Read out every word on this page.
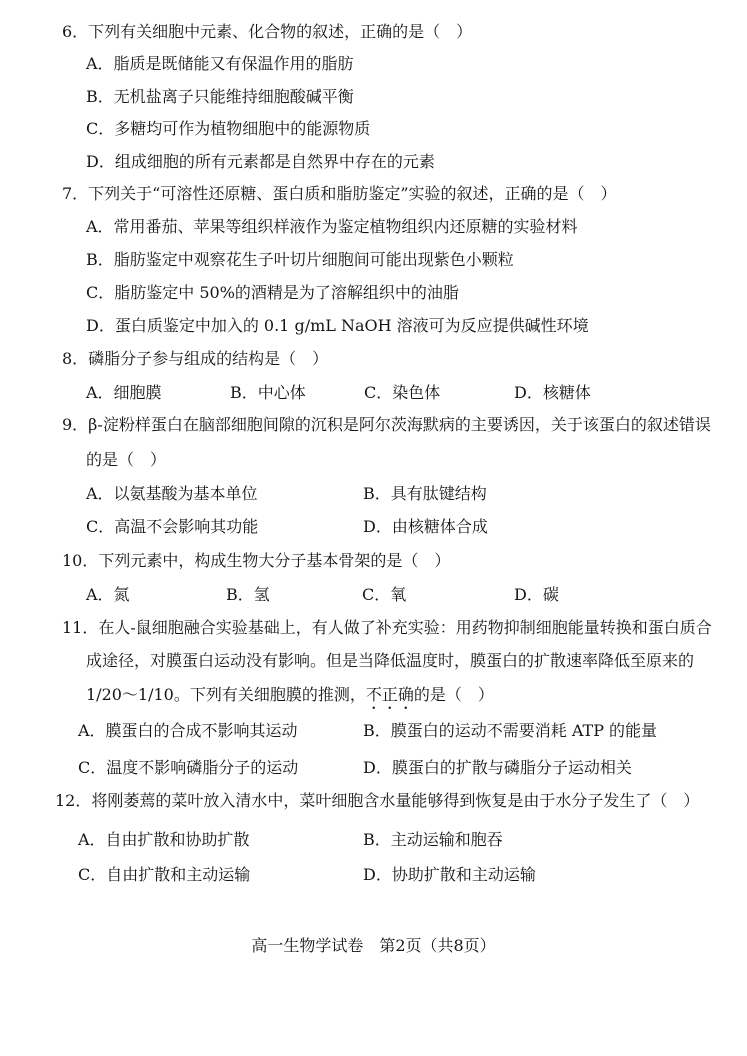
6．下列有关细胞中元素、化合物的叙述，正确的是（　）
A．脂质是既储能又有保温作用的脂肪
B．无机盐离子只能维持细胞酸碱平衡
C．多糖均可作为植物细胞中的能源物质
D．组成细胞的所有元素都是自然界中存在的元素
7．下列关于“可溶性还原糖、蛋白质和脂肪鉴定”实验的叙述，正确的是（　）
A．常用番茄、苹果等组织样液作为鉴定植物组织内还原糖的实验材料
B．脂肪鉴定中观察花生子叶切片细胞间可能出现紫色小颗粒
C．脂肪鉴定中 50%的酒精是为了溶解组织中的油脂
D．蛋白质鉴定中加入的 0.1 g/mL NaOH 溶液可为反应提供碱性环境
8．磷脂分子参与组成的结构是（　）
A．细胞膜	B．中心体	C．染色体	D．核糖体
9．β-淀粉样蛋白在脑部细胞间隙的沉积是阿尔茨海默病的主要诱因，关于该蛋白的叙述错误
的是（　）
A．以氨基酸为基本单位	B．具有肽键结构
C．高温不会影响其功能	D．由核糖体合成
10．下列元素中，构成生物大分子基本骨架的是（　）
A．氮	B．氢	C．氧	D．碳
11．在人-鼠细胞融合实验基础上，有人做了补充实验：用药物抑制细胞能量转换和蛋白质合
成途径，对膜蛋白运动没有影响。但是当降低温度时，膜蛋白的扩散速率降低至原来的
1/20～1/10。下列有关细胞膜的推测，不正确的是（　）
A．膜蛋白的合成不影响其运动	B．膜蛋白的运动不需要消耗 ATP 的能量
C．温度不影响磷脂分子的运动	D．膜蛋白的扩散与磷脂分子运动相关
12．将刚萎蔫的菜叶放入清水中，菜叶细胞含水量能够得到恢复是由于水分子发生了（　）
A．自由扩散和协助扩散	B．主动运输和胞吞
C．自由扩散和主动运输	D．协助扩散和主动运输
高一生物学试卷　第2页（共8页）
